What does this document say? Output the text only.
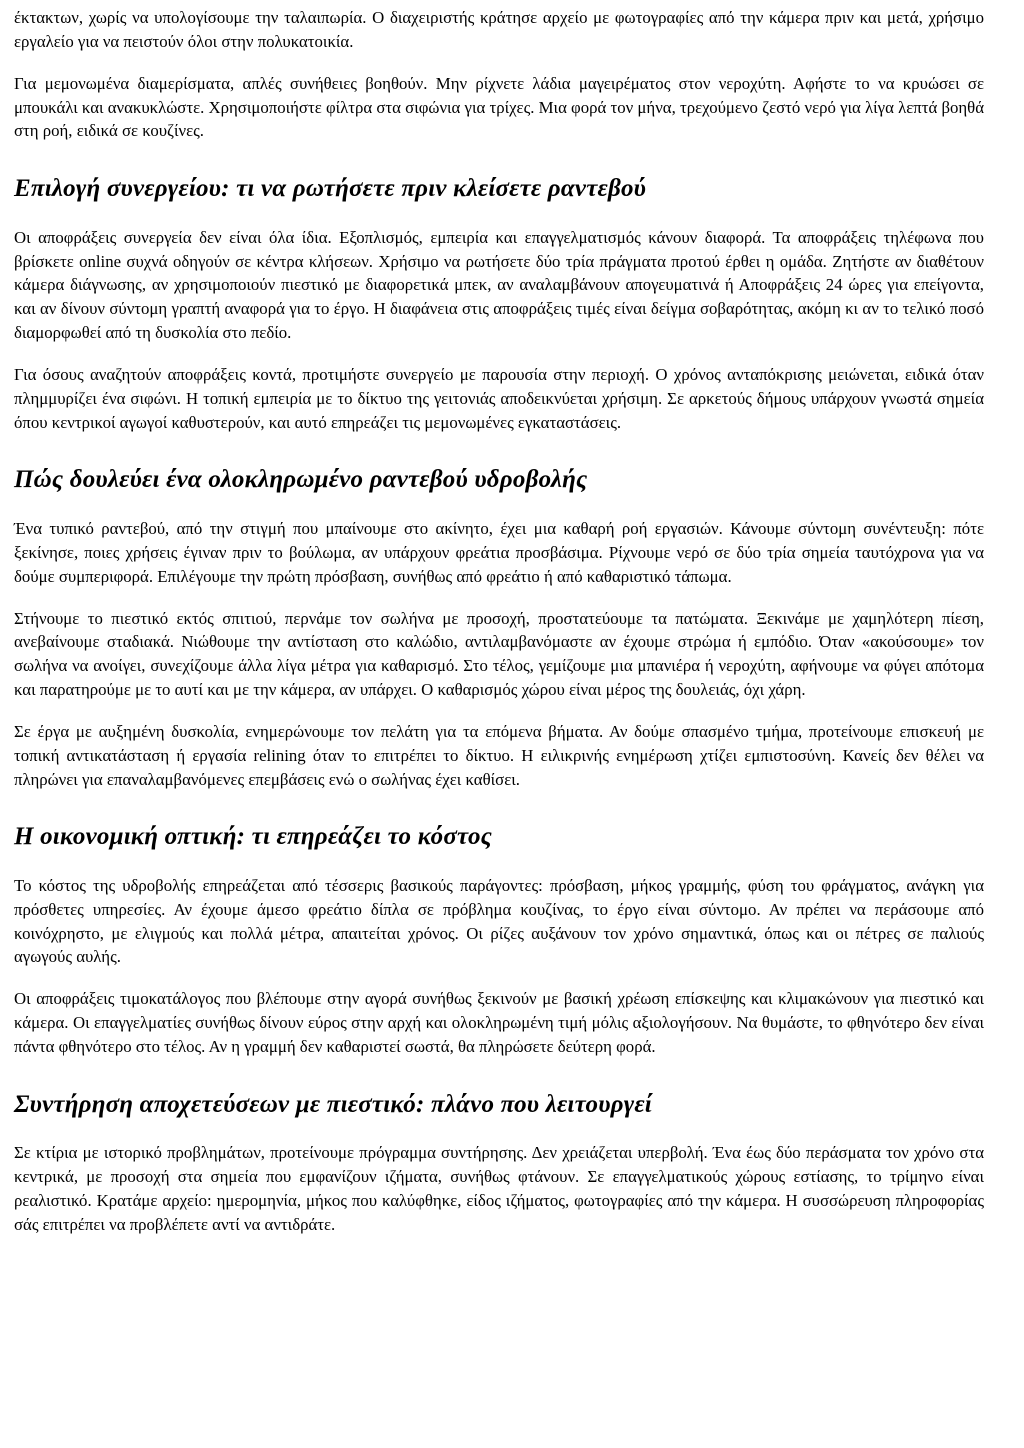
έκτακτων, χωρίς να υπολογίσουμε την ταλαιπωρία. Ο διαχειριστής κράτησε αρχείο με φωτογραφίες από την κάμερα πριν και μετά, χρήσιμο εργαλείο για να πειστούν όλοι στην πολυκατοικία.

Για μεμονωμένα διαμερίσματα, απλές συνήθειες βοηθούν. Μην ρίχνετε λάδια μαγειρέματος στον νεροχύτη. Αφήστε το να κρυώσει σε μπουκάλι και ανακυκλώστε. Χρησιμοποιήστε φίλτρα στα σιφώνια για τρίχες. Μια φορά τον μήνα, τρεχούμενο ζεστό νερό για λίγα λεπτά βοηθά στη ροή, ειδικά σε κουζίνες.

Επιλογή συνεργείου: τι να ρωτήσετε πριν κλείσετε ραντεβού

Οι αποφράξεις συνεργεία δεν είναι όλα ίδια. Εξοπλισμός, εμπειρία και επαγγελματισμός κάνουν διαφορά. Τα αποφράξεις τηλέφωνα που βρίσκετε online συχνά οδηγούν σε κέντρα κλήσεων. Χρήσιμο να ρωτήσετε δύο τρία πράγματα προτού έρθει η ομάδα. Ζητήστε αν διαθέτουν κάμερα διάγνωσης, αν χρησιμοποιούν πιεστικό με διαφορετικά μπεκ, αν αναλαμβάνουν απογευματινά ή Αποφράξεις 24 ώρες για επείγοντα, και αν δίνουν σύντομη γραπτή αναφορά για το έργο. Η διαφάνεια στις αποφράξεις τιμές είναι δείγμα σοβαρότητας, ακόμη κι αν το τελικό ποσό διαμορφωθεί από τη δυσκολία στο πεδίο.

Για όσους αναζητούν αποφράξεις κοντά, προτιμήστε συνεργείο με παρουσία στην περιοχή. Ο χρόνος ανταπόκρισης μειώνεται, ειδικά όταν πλημμυρίζει ένα σιφώνι. Η τοπική εμπειρία με το δίκτυο της γειτονιάς αποδεικνύεται χρήσιμη. Σε αρκετούς δήμους υπάρχουν γνωστά σημεία όπου κεντρικοί αγωγοί καθυστερούν, και αυτό επηρεάζει τις μεμονωμένες εγκαταστάσεις.

Πώς δουλεύει ένα ολοκληρωμένο ραντεβού υδροβολής

Ένα τυπικό ραντεβού, από την στιγμή που μπαίνουμε στο ακίνητο, έχει μια καθαρή ροή εργασιών. Κάνουμε σύντομη συνέντευξη: πότε ξεκίνησε, ποιες χρήσεις έγιναν πριν το βούλωμα, αν υπάρχουν φρεάτια προσβάσιμα. Ρίχνουμε νερό σε δύο τρία σημεία ταυτόχρονα για να δούμε συμπεριφορά. Επιλέγουμε την πρώτη πρόσβαση, συνήθως από φρεάτιο ή από καθαριστικό τάπωμα.

Στήνουμε το πιεστικό εκτός σπιτιού, περνάμε τον σωλήνα με προσοχή, προστατεύουμε τα πατώματα. Ξεκινάμε με χαμηλότερη πίεση, ανεβαίνουμε σταδιακά. Νιώθουμε την αντίσταση στο καλώδιο, αντιλαμβανόμαστε αν έχουμε στρώμα ή εμπόδιο. Όταν «ακούσουμε» τον σωλήνα να ανοίγει, συνεχίζουμε άλλα λίγα μέτρα για καθαρισμό. Στο τέλος, γεμίζουμε μια μπανιέρα ή νεροχύτη, αφήνουμε να φύγει απότομα και παρατηρούμε με το αυτί και με την κάμερα, αν υπάρχει. Ο καθαρισμός χώρου είναι μέρος της δουλειάς, όχι χάρη.

Σε έργα με αυξημένη δυσκολία, ενημερώνουμε τον πελάτη για τα επόμενα βήματα. Αν δούμε σπασμένο τμήμα, προτείνουμε επισκευή με τοπική αντικατάσταση ή εργασία relining όταν το επιτρέπει το δίκτυο. Η ειλικρινής ενημέρωση χτίζει εμπιστοσύνη. Κανείς δεν θέλει να πληρώνει για επαναλαμβανόμενες επεμβάσεις ενώ ο σωλήνας έχει καθίσει.

Η οικονομική οπτική: τι επηρεάζει το κόστος

Το κόστος της υδροβολής επηρεάζεται από τέσσερις βασικούς παράγοντες: πρόσβαση, μήκος γραμμής, φύση του φράγματος, ανάγκη για πρόσθετες υπηρεσίες. Αν έχουμε άμεσο φρεάτιο δίπλα σε πρόβλημα κουζίνας, το έργο είναι σύντομο. Αν πρέπει να περάσουμε από κοινόχρηστο, με ελιγμούς και πολλά μέτρα, απαιτείται χρόνος. Οι ρίζες αυξάνουν τον χρόνο σημαντικά, όπως και οι πέτρες σε παλιούς αγωγούς αυλής.

Οι αποφράξεις τιμοκατάλογος που βλέπουμε στην αγορά συνήθως ξεκινούν με βασική χρέωση επίσκεψης και κλιμακώνουν για πιεστικό και κάμερα. Οι επαγγελματίες συνήθως δίνουν εύρος στην αρχή και ολοκληρωμένη τιμή μόλις αξιολογήσουν. Να θυμάστε, το φθηνότερο δεν είναι πάντα φθηνότερο στο τέλος. Αν η γραμμή δεν καθαριστεί σωστά, θα πληρώσετε δεύτερη φορά.

Συντήρηση αποχετεύσεων με πιεστικό: πλάνο που λειτουργεί

Σε κτίρια με ιστορικό προβλημάτων, προτείνουμε πρόγραμμα συντήρησης. Δεν χρειάζεται υπερβολή. Ένα έως δύο περάσματα τον χρόνο στα κεντρικά, με προσοχή στα σημεία που εμφανίζουν ιζήματα, συνήθως φτάνουν. Σε επαγγελματικούς χώρους εστίασης, το τρίμηνο είναι ρεαλιστικό. Κρατάμε αρχείο: ημερομηνία, μήκος που καλύφθηκε, είδος ιζήματος, φωτογραφίες από την κάμερα. Η συσσώρευση πληροφορίας σάς επιτρέπει να προβλέπετε αντί να αντιδράτε.
